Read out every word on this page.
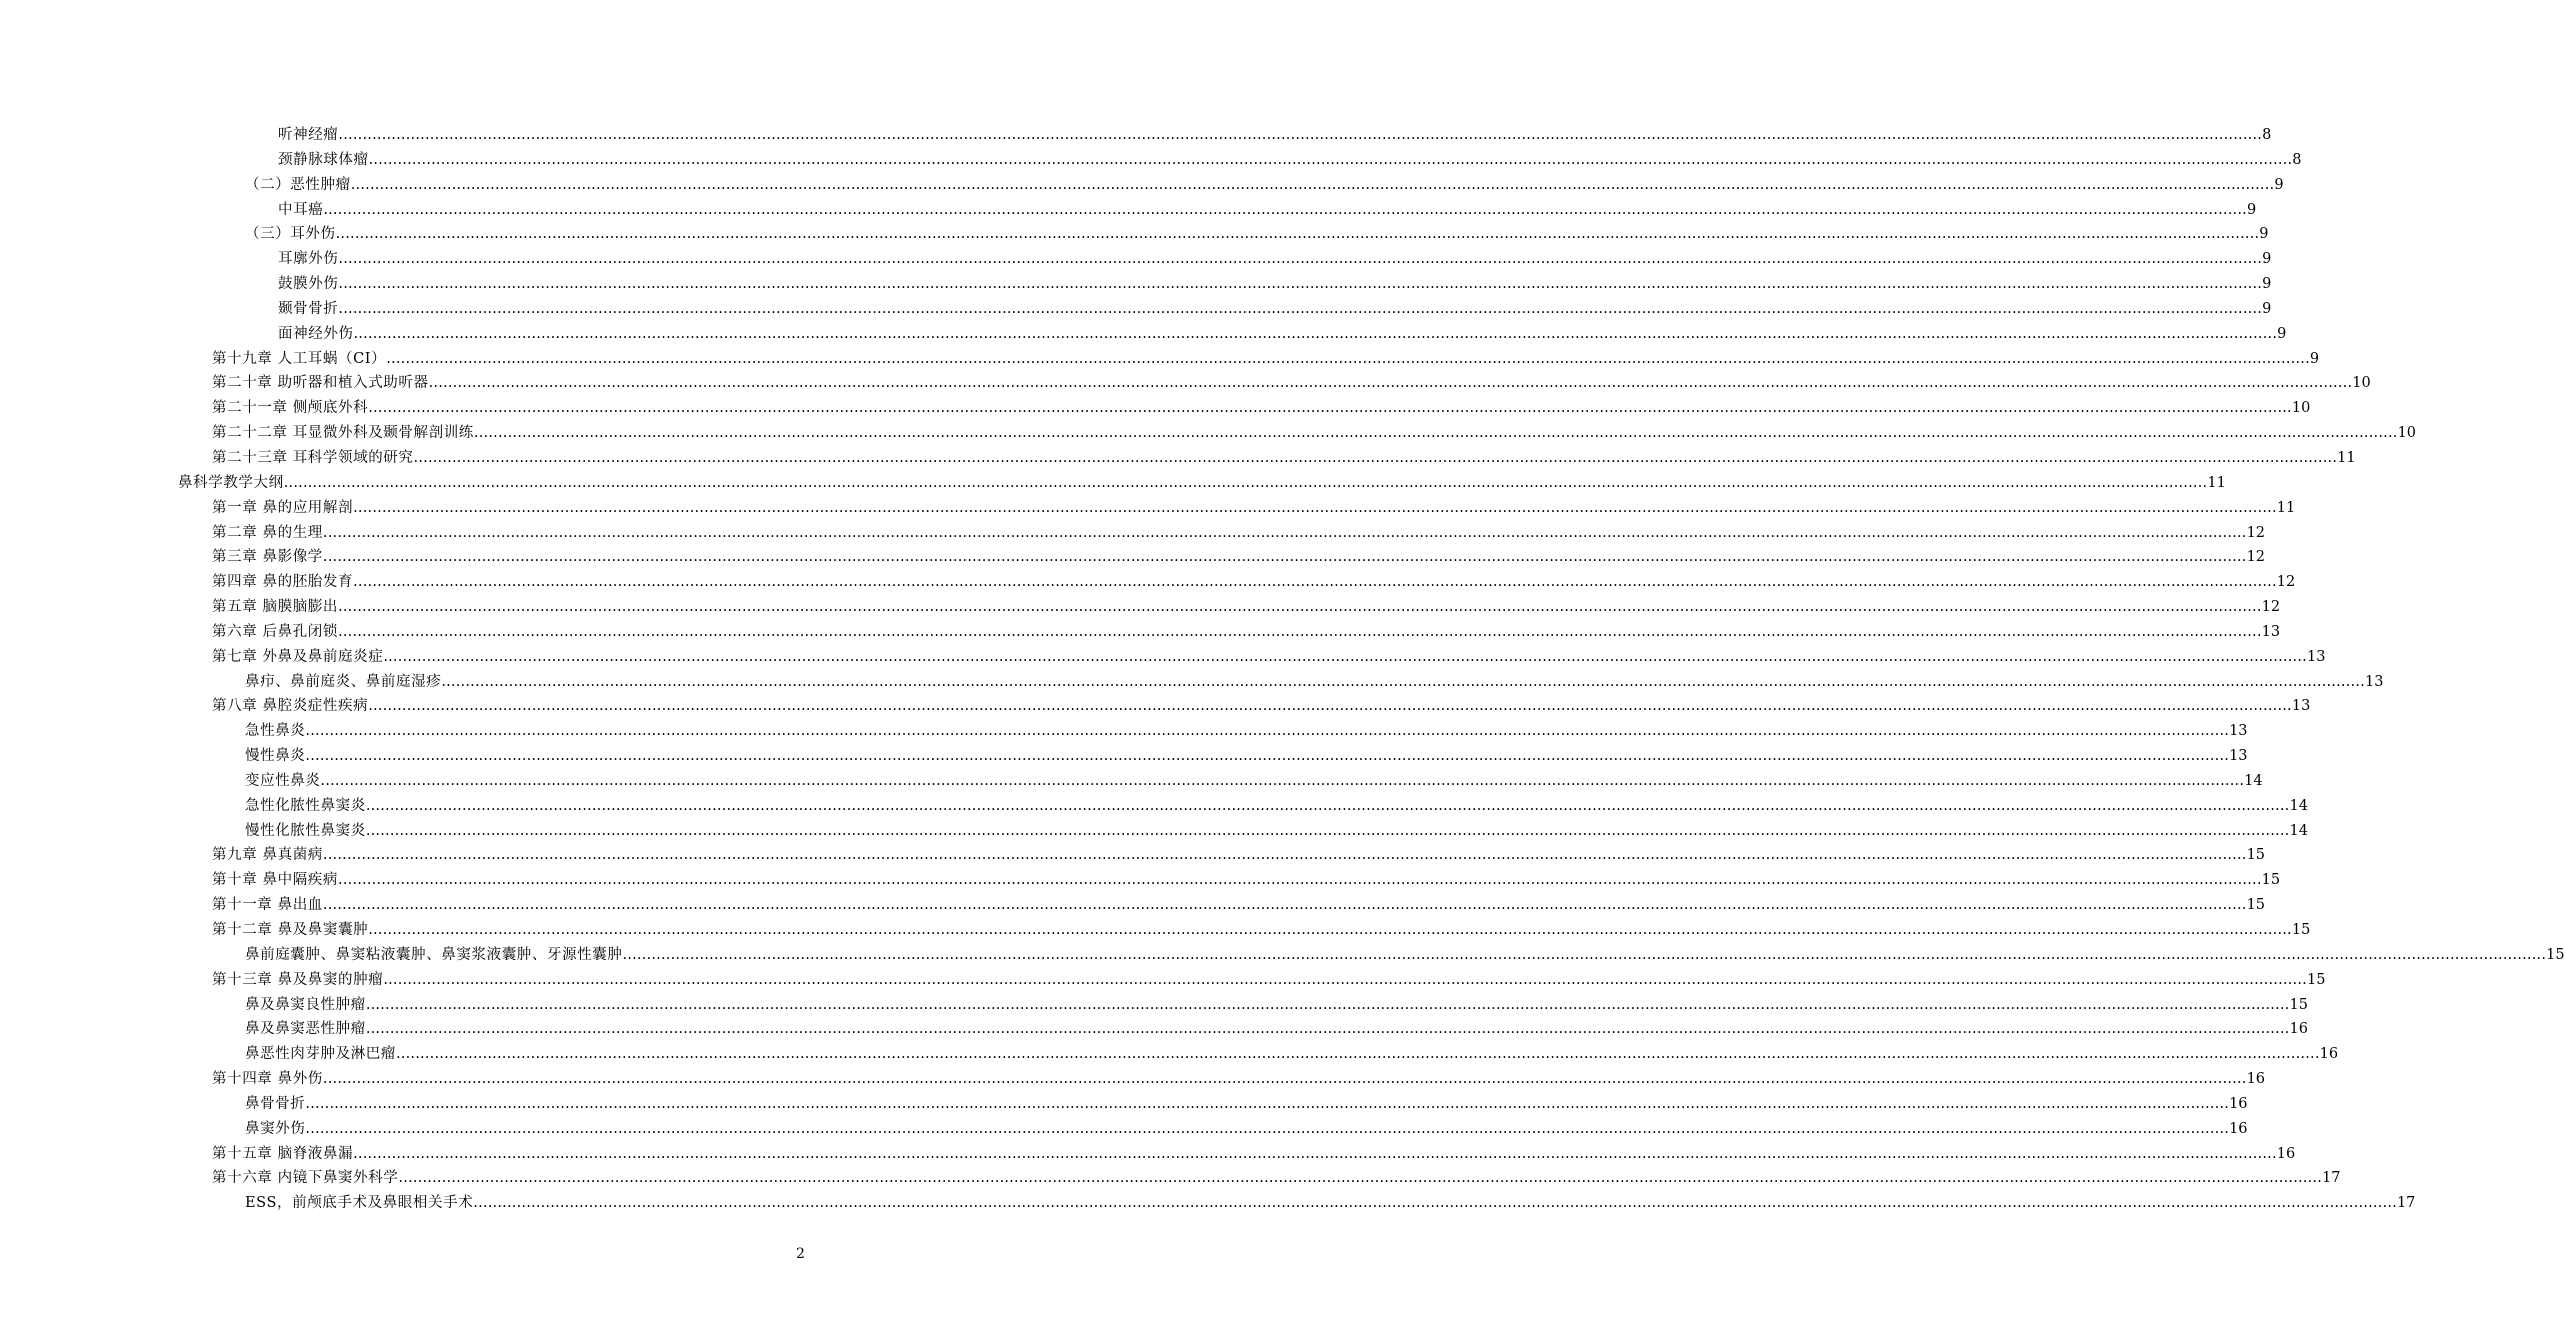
听神经瘤 ................................................................................................................................................................................................................................................................................................................................................................................................................ 8
颈静脉球体瘤 ................................................................................................................................................................................................................................................................................................................................................................................................................ 8
（二）恶性肿瘤 ................................................................................................................................................................................................................................................................................................................................................................................................................ 9
中耳癌 ................................................................................................................................................................................................................................................................................................................................................................................................................ 9
（三）耳外伤 ................................................................................................................................................................................................................................................................................................................................................................................................................ 9
耳廓外伤 ................................................................................................................................................................................................................................................................................................................................................................................................................ 9
鼓膜外伤 ................................................................................................................................................................................................................................................................................................................................................................................................................ 9
颞骨骨折 ................................................................................................................................................................................................................................................................................................................................................................................................................ 9
面神经外伤 ................................................................................................................................................................................................................................................................................................................................................................................................................ 9
第十九章 人工耳蜗（CI） ................................................................................................................................................................................................................................................................................................................................................................................................................ 9
第二十章 助听器和植入式助听器 ................................................................................................................................................................................................................................................................................................................................................................................................................ 10
第二十一章 侧颅底外科 ................................................................................................................................................................................................................................................................................................................................................................................................................ 10
第二十二章 耳显微外科及颞骨解剖训练 ................................................................................................................................................................................................................................................................................................................................................................................................................ 10
第二十三章 耳科学领域的研究 ................................................................................................................................................................................................................................................................................................................................................................................................................ 11
鼻科学教学大纲 ................................................................................................................................................................................................................................................................................................................................................................................................................ 11
第一章 鼻的应用解剖 ................................................................................................................................................................................................................................................................................................................................................................................................................ 11
第二章 鼻的生理 ................................................................................................................................................................................................................................................................................................................................................................................................................ 12
第三章 鼻影像学 ................................................................................................................................................................................................................................................................................................................................................................................................................ 12
第四章 鼻的胚胎发育 ................................................................................................................................................................................................................................................................................................................................................................................................................ 12
第五章 脑膜脑膨出 ................................................................................................................................................................................................................................................................................................................................................................................................................ 12
第六章 后鼻孔闭锁 ................................................................................................................................................................................................................................................................................................................................................................................................................ 13
第七章 外鼻及鼻前庭炎症 ................................................................................................................................................................................................................................................................................................................................................................................................................ 13
鼻疖、鼻前庭炎、鼻前庭湿疹 ................................................................................................................................................................................................................................................................................................................................................................................................................ 13
第八章 鼻腔炎症性疾病 ................................................................................................................................................................................................................................................................................................................................................................................................................ 13
急性鼻炎 ................................................................................................................................................................................................................................................................................................................................................................................................................ 13
慢性鼻炎 ................................................................................................................................................................................................................................................................................................................................................................................................................ 13
变应性鼻炎 ................................................................................................................................................................................................................................................................................................................................................................................................................ 14
急性化脓性鼻窦炎 ................................................................................................................................................................................................................................................................................................................................................................................................................ 14
慢性化脓性鼻窦炎 ................................................................................................................................................................................................................................................................................................................................................................................................................ 14
第九章 鼻真菌病 ................................................................................................................................................................................................................................................................................................................................................................................................................ 15
第十章 鼻中隔疾病 ................................................................................................................................................................................................................................................................................................................................................................................................................ 15
第十一章 鼻出血 ................................................................................................................................................................................................................................................................................................................................................................................................................ 15
第十二章 鼻及鼻窦囊肿 ................................................................................................................................................................................................................................................................................................................................................................................................................ 15
鼻前庭囊肿、鼻窦粘液囊肿、鼻窦浆液囊肿、牙源性囊肿 ................................................................................................................................................................................................................................................................................................................................................................................................................ 15
第十三章 鼻及鼻窦的肿瘤 ................................................................................................................................................................................................................................................................................................................................................................................................................ 15
鼻及鼻窦良性肿瘤 ................................................................................................................................................................................................................................................................................................................................................................................................................ 15
鼻及鼻窦恶性肿瘤 ................................................................................................................................................................................................................................................................................................................................................................................................................ 16
鼻恶性肉芽肿及淋巴瘤 ................................................................................................................................................................................................................................................................................................................................................................................................................ 16
第十四章 鼻外伤 ................................................................................................................................................................................................................................................................................................................................................................................................................ 16
鼻骨骨折 ................................................................................................................................................................................................................................................................................................................................................................................................................ 16
鼻窦外伤 ................................................................................................................................................................................................................................................................................................................................................................................................................ 16
第十五章 脑脊液鼻漏 ................................................................................................................................................................................................................................................................................................................................................................................................................ 16
第十六章 内镜下鼻窦外科学 ................................................................................................................................................................................................................................................................................................................................................................................................................ 17
ESS，前颅底手术及鼻眼相关手术 ................................................................................................................................................................................................................................................................................................................................................................................................................ 17
2
